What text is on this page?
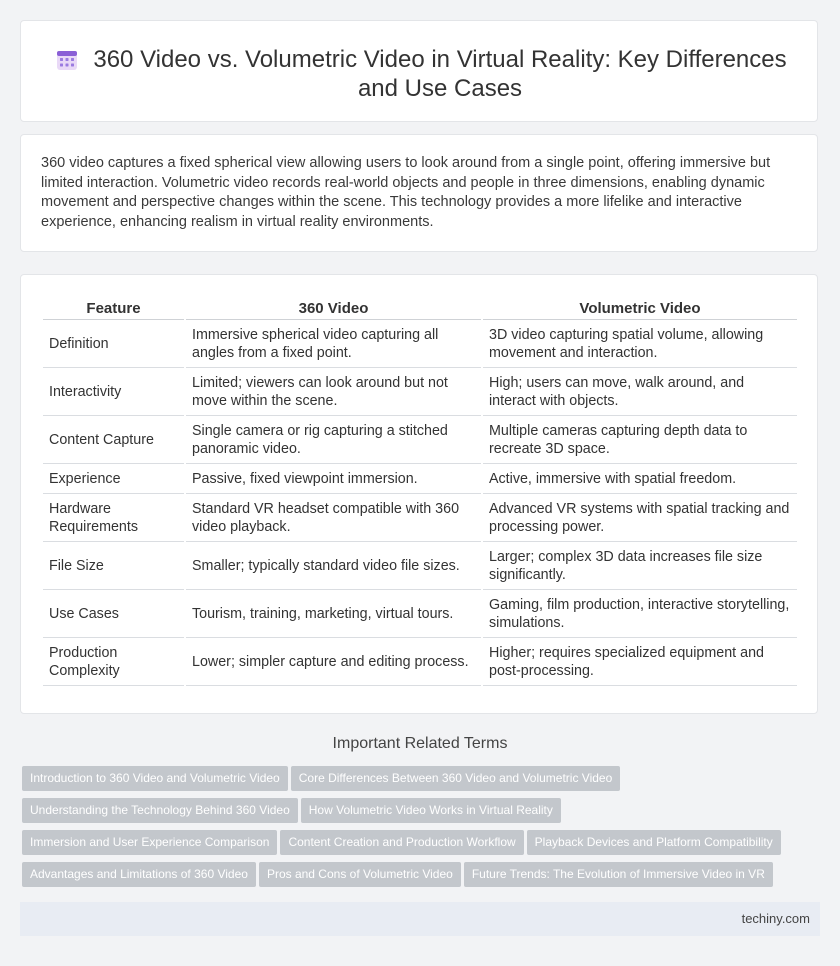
360 Video vs. Volumetric Video in Virtual Reality: Key Differences and Use Cases
360 video captures a fixed spherical view allowing users to look around from a single point, offering immersive but limited interaction. Volumetric video records real-world objects and people in three dimensions, enabling dynamic movement and perspective changes within the scene. This technology provides a more lifelike and interactive experience, enhancing realism in virtual reality environments.
Feature	360 Video	Volumetric Video
Definition	Immersive spherical video capturing all angles from a fixed point.	3D video capturing spatial volume, allowing movement and interaction.
Interactivity	Limited; viewers can look around but not move within the scene.	High; users can move, walk around, and interact with objects.
Content Capture	Single camera or rig capturing a stitched panoramic video.	Multiple cameras capturing depth data to recreate 3D space.
Experience	Passive, fixed viewpoint immersion.	Active, immersive with spatial freedom.
Hardware Requirements	Standard VR headset compatible with 360 video playback.	Advanced VR systems with spatial tracking and processing power.
File Size	Smaller; typically standard video file sizes.	Larger; complex 3D data increases file size significantly.
Use Cases	Tourism, training, marketing, virtual tours.	Gaming, film production, interactive storytelling, simulations.
Production Complexity	Lower; simpler capture and editing process.	Higher; requires specialized equipment and post-processing.
Important Related Terms
Introduction to 360 Video and Volumetric Video Core Differences Between 360 Video and Volumetric Video
Understanding the Technology Behind 360 Video How Volumetric Video Works in Virtual Reality
Immersion and User Experience Comparison Content Creation and Production Workflow Playback Devices and Platform Compatibility
Advantages and Limitations of 360 Video Pros and Cons of Volumetric Video Future Trends: The Evolution of Immersive Video in VR
techiny.com
